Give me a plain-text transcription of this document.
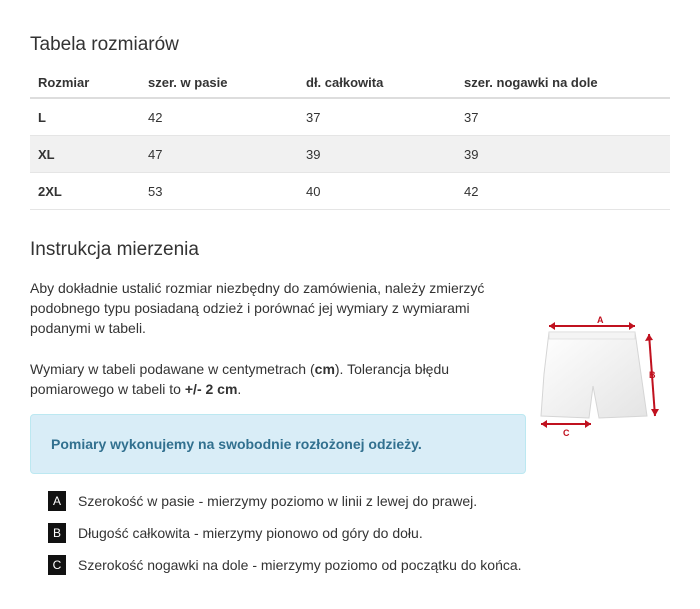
Tabela rozmiarów
Rozmiar	szer. w pasie	dł. całkowita	szer. nogawki na dole
L	42	37	37
XL	47	39	39
2XL	53	40	42
Instrukcja mierzenia

Aby dokładnie ustalić rozmiar niezbędny do zamówienia, należy zmierzyć podobnego typu posiadaną odzież i porównać jej wymiary z wymiarami podanymi w tabeli.

Wymiary w tabeli podawane w centymetrach (cm). Tolerancja błędu pomiarowego w tabeli to +/- 2 cm.

Pomiary wykonujemy na swobodnie rozłożonej odzieży.
A	Szerokość w pasie - mierzymy poziomo w linii z lewej do prawej.
B	Długość całkowita - mierzymy pionowo od góry do dołu.
C	Szerokość nogawki na dole - mierzymy poziomo od początku do końca.
A
B
C
